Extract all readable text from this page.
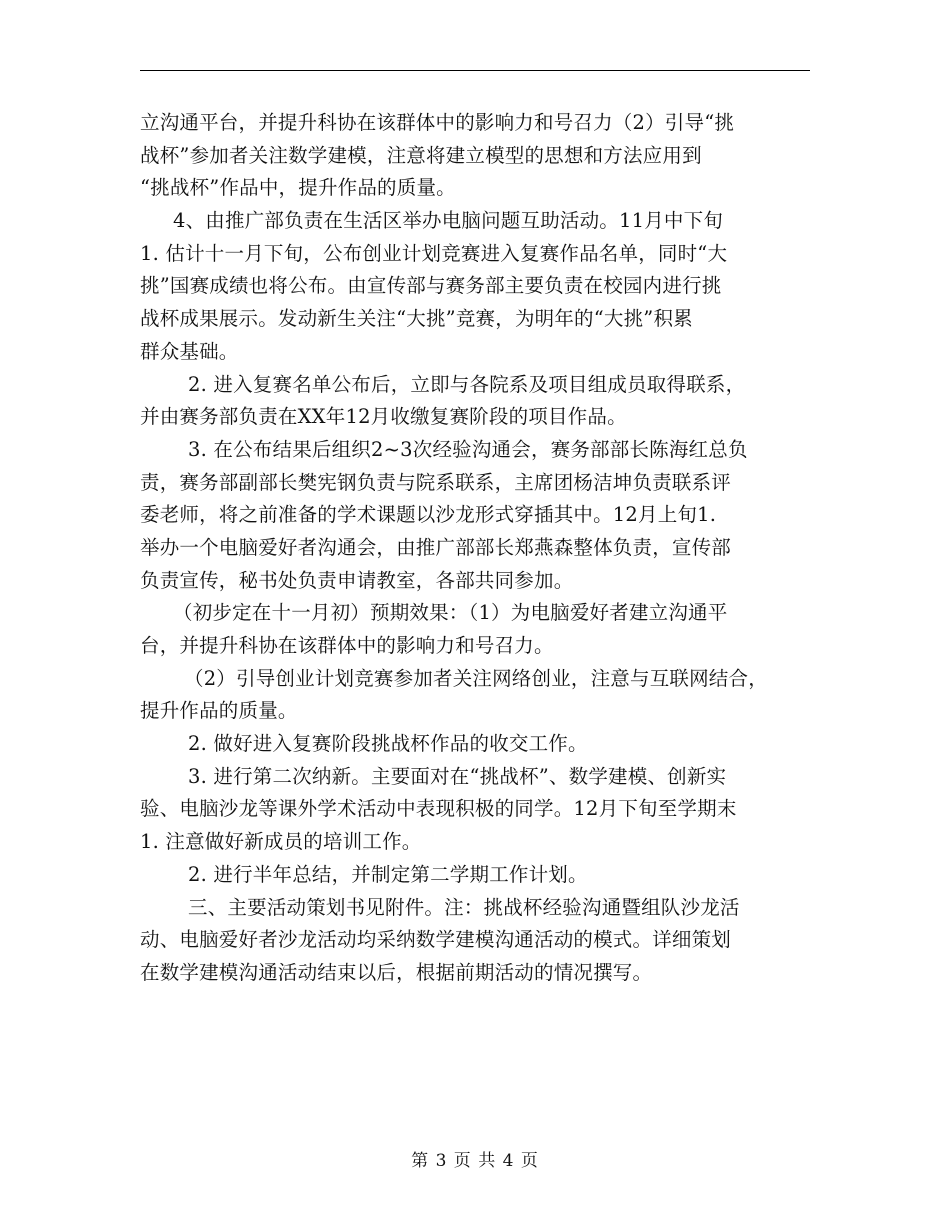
立沟通平台，并提升科协在该群体中的影响力和号召力（2）引导“挑
战杯”参加者关注数学建模，注意将建立模型的思想和方法应用到
“挑战杯”作品中，提升作品的质量。
4、由推广部负责在生活区举办电脑问题互助活动。11月中下旬
1. 估计十一月下旬，公布创业计划竞赛进入复赛作品名单，同时“大
挑”国赛成绩也将公布。由宣传部与赛务部主要负责在校园内进行挑
战杯成果展示。发动新生关注“大挑”竞赛，为明年的“大挑”积累
群众基础。
2. 进入复赛名单公布后，立即与各院系及项目组成员取得联系，
并由赛务部负责在XX年12月收缴复赛阶段的项目作品。
3. 在公布结果后组织2~3次经验沟通会，赛务部部长陈海红总负
责，赛务部副部长樊宪钢负责与院系联系，主席团杨洁坤负责联系评
委老师，将之前准备的学术课题以沙龙形式穿插其中。12月上旬1.
举办一个电脑爱好者沟通会，由推广部部长郑燕森整体负责，宣传部
负责宣传，秘书处负责申请教室，各部共同参加。
（初步定在十一月初）预期效果：（1）为电脑爱好者建立沟通平
台，并提升科协在该群体中的影响力和号召力。
（2）引导创业计划竞赛参加者关注网络创业，注意与互联网结合，
提升作品的质量。
2. 做好进入复赛阶段挑战杯作品的收交工作。
3. 进行第二次纳新。主要面对在“挑战杯”、数学建模、创新实
验、电脑沙龙等课外学术活动中表现积极的同学。12月下旬至学期末
1. 注意做好新成员的培训工作。
2. 进行半年总结，并制定第二学期工作计划。
三、主要活动策划书见附件。注：挑战杯经验沟通暨组队沙龙活
动、电脑爱好者沙龙活动均采纳数学建模沟通活动的模式。详细策划
在数学建模沟通活动结束以后，根据前期活动的情况撰写。
第 3 页 共 4 页
